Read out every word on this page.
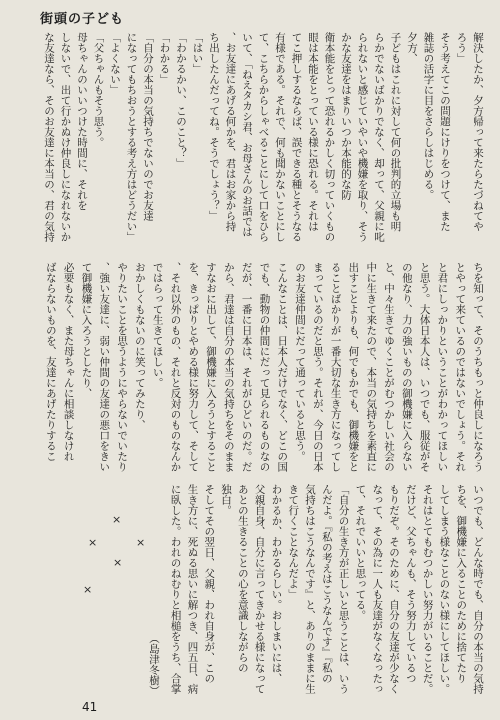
街頭の子ども
解決したか、夕方帰って来たらたづねてや
ろう」
そう考えてこの問題にけりをつけて、また
雑誌の活字に目をさらしはじめる。
夕方、
子どもはこれに対して何の批判的立場も明
らかでないばかりでなく、却って、父親に叱
られないと感じていやいや機嫌を取り、そう
かな友達をはまりいつか本能的な防
衛本能をとって恐れるかしく切っていくもの
眼は本能をとっている様に恐れる。それは
てこ押しするならば、誤できる種とそうなる
有様である。それで、何も聞かないことにし
て、こちらからしゃべることにして口をひら
いて、「ねえタカシ君、お母さんのお話では
、お友達にあげる何かを、君はお家から持
ち出したんだってね。そうでしょう？」
「はい」
「わかるかい、このこと？」
「わかる」
「自分の本当の気持ちでないのでお友達
になってもちおうとする考え方はどうだい」
「よくない」
「父ちゃんもそう思う。
母ちゃんのいいつけた時間に、それを
しないで、出て行かぬけ仲良しになれないか
な友達なら、そのお友達に本当の、君の気持
ちを知って、そのうちもっと仲良しになろう
とやって来ているのではないでしょう。それ
と君にしっかりということがわかってほしい
と思う。大体日本人は、いつでも、服従がそ
の他なり、力の強いものの御機嫌に入らない
と、中々生きてゆくことがむつかしい社会の
中に生きて来たので、本当の気持ちを素直に
出すことよりも、何でもかでも、御機嫌をと
ることばかりが一番大切な生き方になってし
まっているのだと思う。それが、今日の日本
のお友達仲間にだって通っていると思う。
こんなことは、日本人だけでなく、どこの国
でも、動物の仲間にだって見られるものなの
だが、一番に日本は、それがひどいのだ。だ
から、君達は自分の本当の気持ちをそのまま
すなおに出して、御機嫌に入ろうとすること
を、きっぱりとやめる様に努力して、そして
、それ以外のもの、それと反対のものなんか
ではらって生きてほしい。
おかしくもないのに笑ってみたり、
やりたいことを思うようにやらないでいたり
、強い友達に、弱い仲間の友達の悪口をきい
て御機嫌に入ろうとしたり、
必要もなく、また母ちゃんに相談しなけれ
ばならないものを、友達にあげたりするこ
いつでも、どんな時でも、自分の本当の気持
ちを、御機嫌に入ることのために捨てたり
してしまう様なことのない様にしてほしい。
それはとてもむつかしい努力がいることだ。
だけど、父ちゃんも、そう努力しているつ
もりだぞ。そのために、自分の友達が少なく
なって、その為に一人も友達がなくなったっ
て、それでいいと思ってる。
「自分の生き方が正しいと思うことは、いう
んだよ。『私の考えはこうなんです』『私の
気持ちはこうなんです』と、ありのままに生
きて行くことなんだよ」
わかるか、わかるらしい。おしまいには、
父親自身、自分に言ってきかせる様になって
あとの生きることの心を意識しながらの
独白。
そしてその翌日、父親、われ自身が、この
生き方に、死ぬる思いに解つき、四五日、病
に臥した。われのねむりと相槌をうち、合掌
（島津冬樹）
×
×	×
×
×
41
